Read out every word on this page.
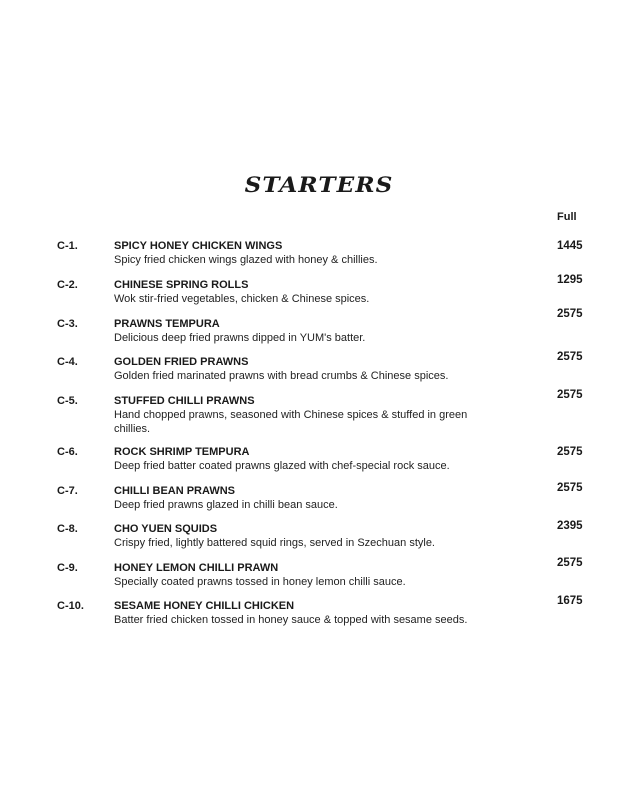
STARTERS
Full
C-1.	SPICY HONEY CHICKEN WINGS
Spicy fried chicken wings glazed with honey & chillies.
1445
C-2.	CHINESE SPRING ROLLS
Wok stir-fried vegetables, chicken & Chinese spices.
1295
C-3.	PRAWNS TEMPURA
Delicious deep fried prawns dipped in YUM's batter.
2575
C-4.	GOLDEN FRIED PRAWNS
Golden fried marinated prawns with bread crumbs & Chinese spices.
2575
C-5.	STUFFED CHILLI PRAWNS
Hand chopped prawns, seasoned with Chinese spices & stuffed in green chillies.
2575
C-6.	ROCK SHRIMP TEMPURA
Deep fried batter coated prawns glazed with chef-special rock sauce.
2575
C-7.	CHILLI BEAN PRAWNS
Deep fried prawns glazed in chilli bean sauce.
2575
C-8.	CHO YUEN SQUIDS
Crispy fried, lightly battered squid rings, served in Szechuan style.
2395
C-9.	HONEY LEMON CHILLI PRAWN
Specially coated prawns tossed in honey lemon chilli sauce.
2575
C-10.	SESAME HONEY CHILLI CHICKEN
Batter fried chicken tossed in honey sauce & topped with sesame seeds.
1675
